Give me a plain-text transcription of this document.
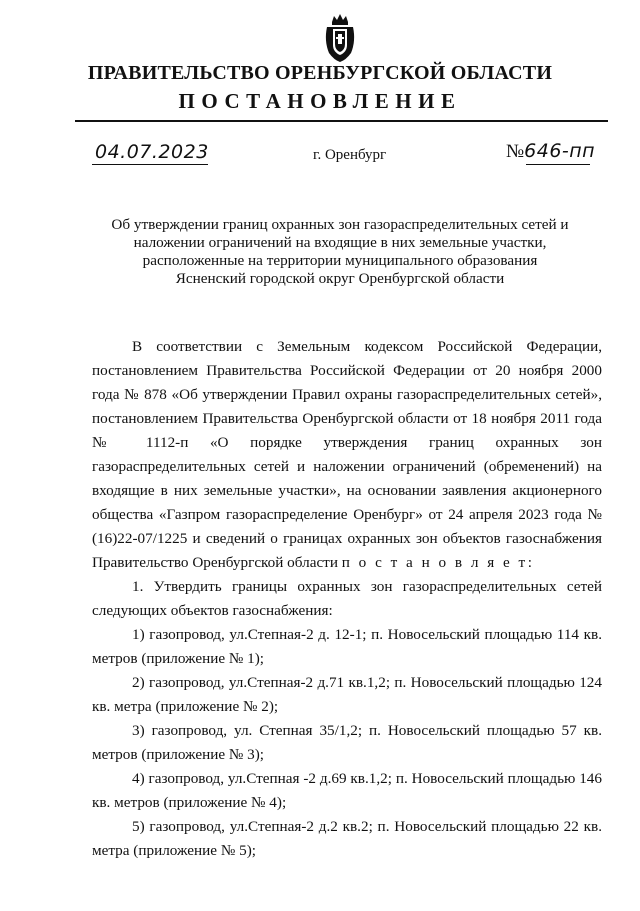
ПРАВИТЕЛЬСТВО ОРЕНБУРГСКОЙ ОБЛАСТИ
ПОСТАНОВЛЕНИЕ
04.07.2023	г. Оренбург	№646-пп
Об утверждении границ охранных зон газораспределительных сетей и
наложении ограничений на входящие в них земельные участки,
расположенные на территории муниципального образования
Ясненский городской округ Оренбургской области

В соответствии с Земельным кодексом Российской Федерации, постановлением Правительства Российской Федерации от 20 ноября 2000 года № 878 «Об утверждении Правил охраны газораспределительных сетей», постановлением Правительства Оренбургской области от 18 ноября 2011 года № 1112-п «О порядке утверждения границ охранных зон газораспределительных сетей и наложении ограничений (обременений) на входящие в них земельные участки», на основании заявления акционерного общества «Газпром газораспределение Оренбург» от 24 апреля 2023 года № (16)22-07/1225 и сведений о границах охранных зон объектов газоснабжения Правительство Оренбургской области п о с т а н о в л я е т:

1. Утвердить границы охранных зон газораспределительных сетей следующих объектов газоснабжения:

1) газопровод, ул.Степная-2 д. 12-1; п. Новосельский площадью 114 кв. метров (приложение № 1);

2) газопровод, ул.Степная-2 д.71 кв.1,2; п. Новосельский площадью 124 кв. метра (приложение № 2);

3) газопровод, ул. Степная 35/1,2; п. Новосельский площадью 57 кв. метров (приложение № 3);

4) газопровод, ул.Степная -2 д.69 кв.1,2; п. Новосельский площадью 146 кв. метров (приложение № 4);

5) газопровод, ул.Степная-2 д.2 кв.2; п. Новосельский площадью 22 кв. метра (приложение № 5);
